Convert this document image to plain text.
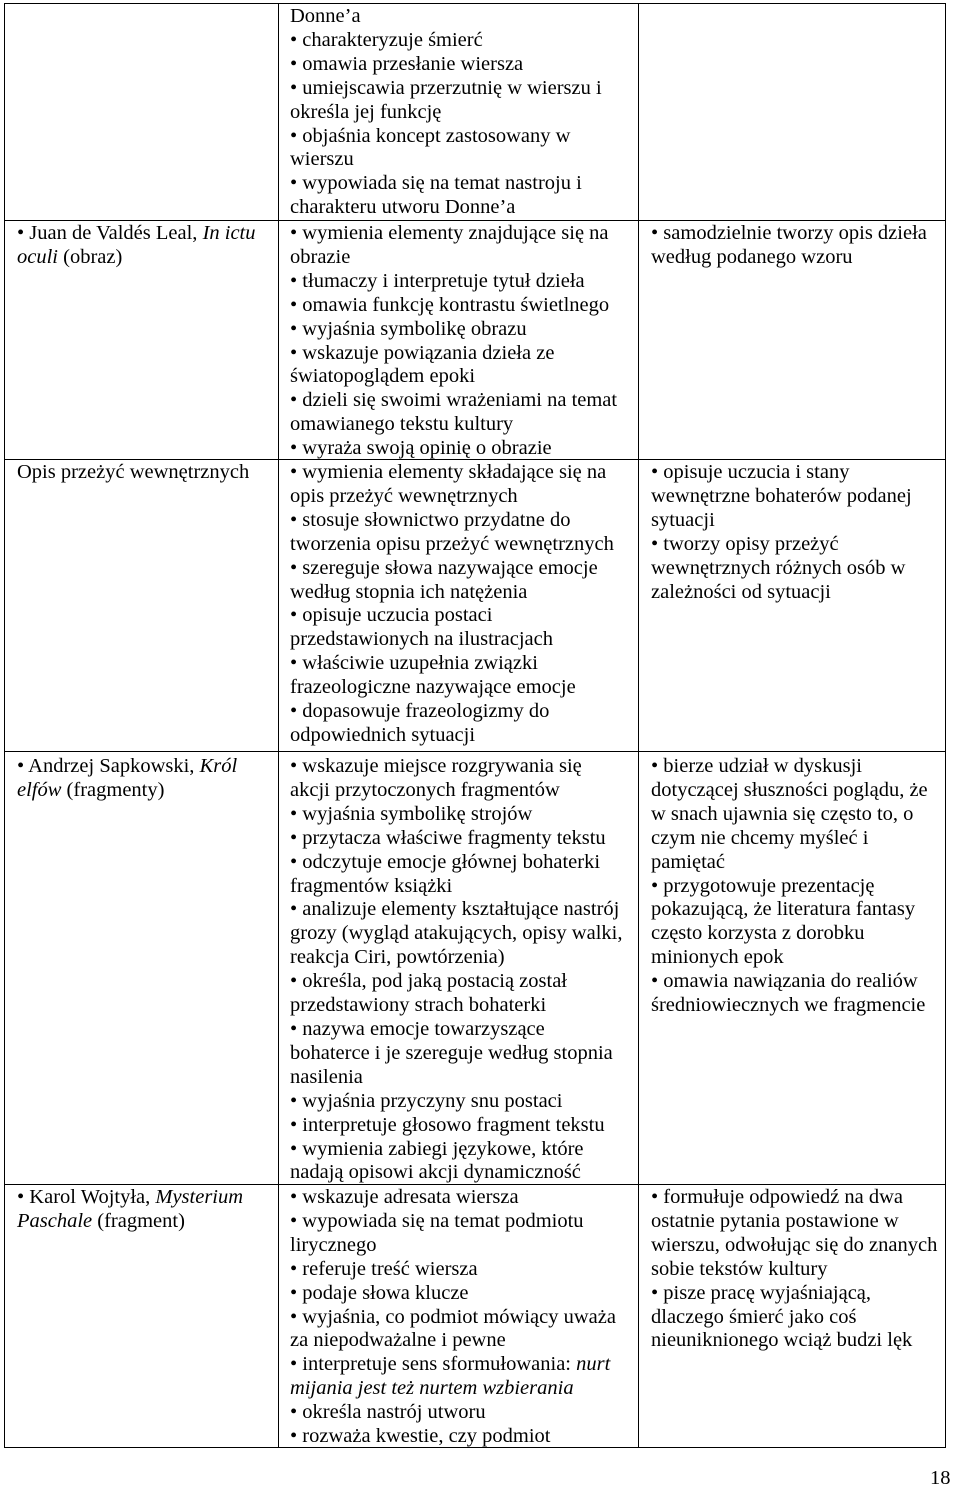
Donne’a
• charakteryzuje śmierć
• omawia przesłanie wiersza
• umiejscawia przerzutnię w wierszu i
określa jej funkcję
• objaśnia koncept zastosowany w
wierszu
• wypowiada się na temat nastroju i
charakteru utworu Donne’a
• Juan de Valdés Leal, In ictu
oculi (obraz)
• wymienia elementy znajdujące się na
obrazie
• tłumaczy i interpretuje tytuł dzieła
• omawia funkcję kontrastu świetlnego
• wyjaśnia symbolikę obrazu
• wskazuje powiązania dzieła ze
światopoglądem epoki
• dzieli się swoimi wrażeniami na temat
omawianego tekstu kultury
• wyraża swoją opinię o obrazie
• samodzielnie tworzy opis dzieła
według podanego wzoru
Opis przeżyć wewnętrznych	• wymienia elementy składające się na
opis przeżyć wewnętrznych
• stosuje słownictwo przydatne do
tworzenia opisu przeżyć wewnętrznych
• szereguje słowa nazywające emocje
według stopnia ich natężenia
• opisuje uczucia postaci
przedstawionych na ilustracjach
• właściwie uzupełnia związki
frazeologiczne nazywające emocje
• dopasowuje frazeologizmy do
odpowiednich sytuacji
• opisuje uczucia i stany
wewnętrzne bohaterów podanej
sytuacji
• tworzy opisy przeżyć
wewnętrznych różnych osób w
zależności od sytuacji
• Andrzej Sapkowski, Król
elfów (fragmenty)
• wskazuje miejsce rozgrywania się
akcji przytoczonych fragmentów
• wyjaśnia symbolikę strojów
• przytacza właściwe fragmenty tekstu
• odczytuje emocje głównej bohaterki
fragmentów książki
• analizuje elementy kształtujące nastrój
grozy (wygląd atakujących, opisy walki,
reakcja Ciri, powtórzenia)
• określa, pod jaką postacią został
przedstawiony strach bohaterki
• nazywa emocje towarzyszące
bohaterce i je szereguje według stopnia
nasilenia
• wyjaśnia przyczyny snu postaci
• interpretuje głosowo fragment tekstu
• wymienia zabiegi językowe, które
nadają opisowi akcji dynamiczność
• bierze udział w dyskusji
dotyczącej słuszności poglądu, że
w snach ujawnia się często to, o
czym nie chcemy myśleć i
pamiętać
• przygotowuje prezentację
pokazującą, że literatura fantasy
często korzysta z dorobku
minionych epok
• omawia nawiązania do realiów
średniowiecznych we fragmencie
• Karol Wojtyła, Mysterium
Paschale (fragment)
• wskazuje adresata wiersza
• wypowiada się na temat podmiotu
lirycznego
• referuje treść wiersza
• podaje słowa klucze
• wyjaśnia, co podmiot mówiący uważa
za niepodważalne i pewne
• interpretuje sens sformułowania: nurt
mijania jest też nurtem wzbierania
• określa nastrój utworu
• rozważa kwestie, czy podmiot
• formułuje odpowiedź na dwa
ostatnie pytania postawione w
wierszu, odwołując się do znanych
sobie tekstów kultury
• pisze pracę wyjaśniającą,
dlaczego śmierć jako coś
nieuniknionego wciąż budzi lęk
18
